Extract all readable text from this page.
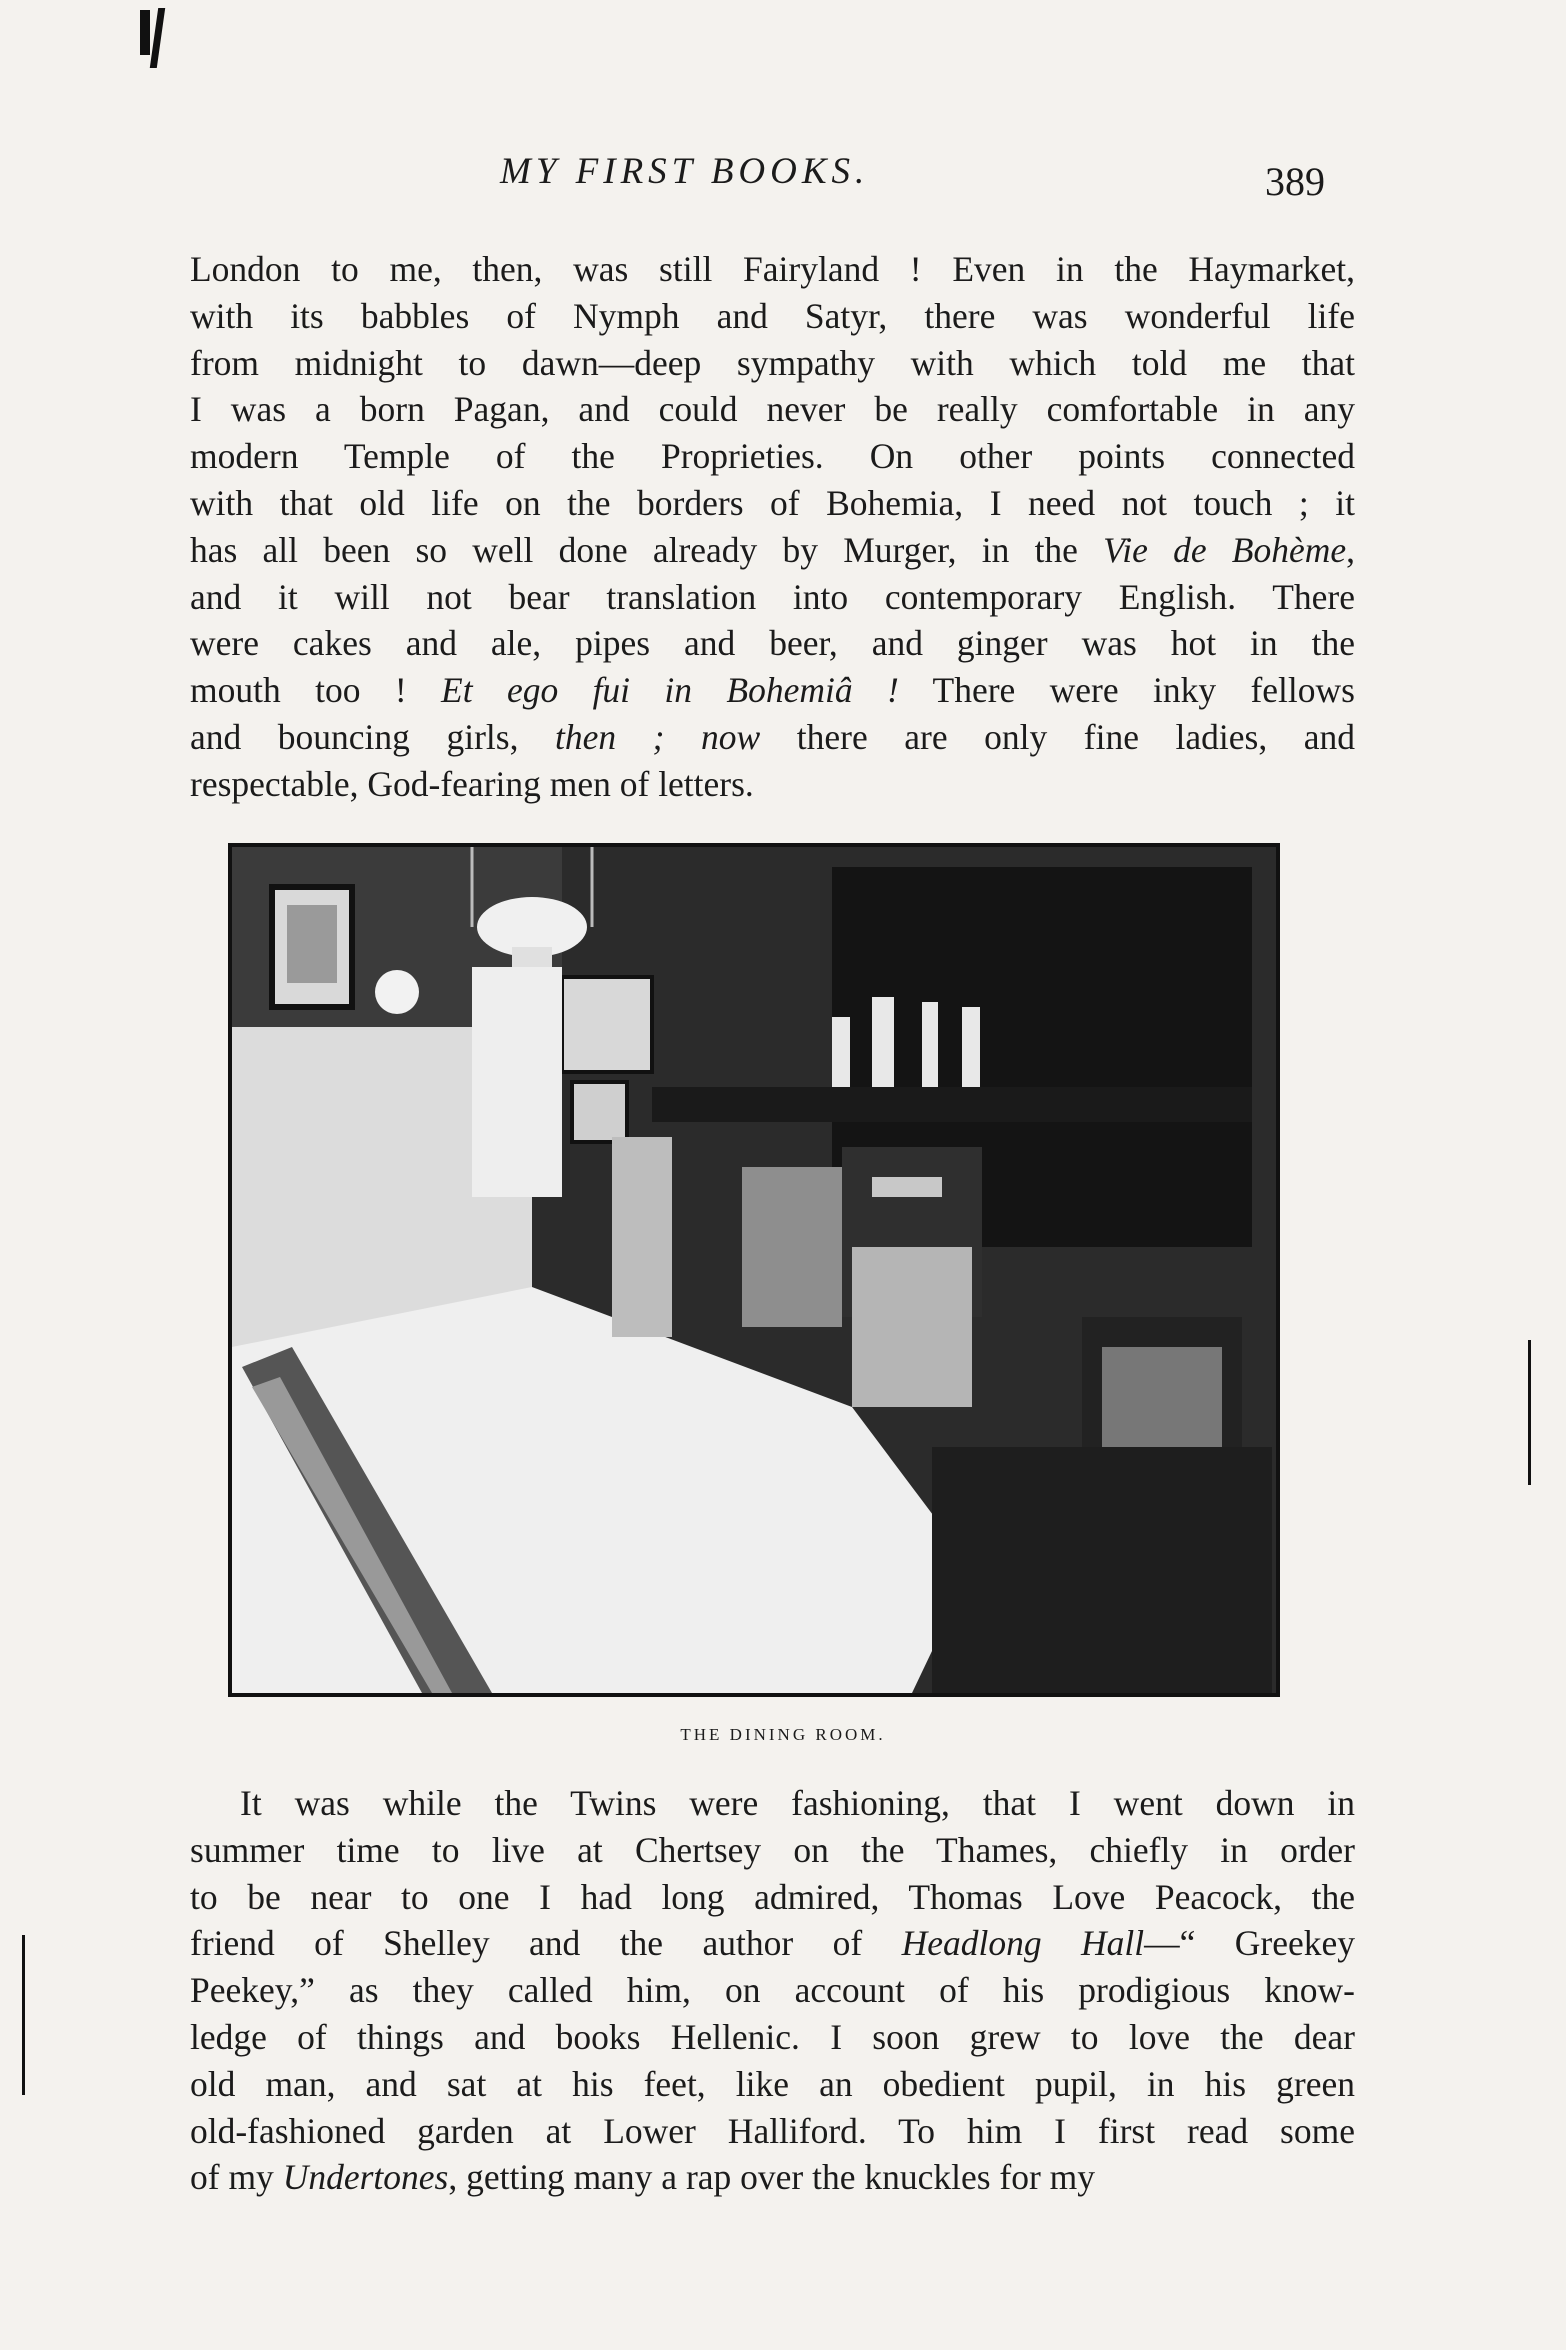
MY FIRST BOOKS.	389
London to me, then, was still Fairyland ! Even in the Haymarket,
with its babbles of Nymph and Satyr, there was wonderful life
from midnight to dawn—deep sympathy with which told me that
I was a born Pagan, and could never be really comfortable in any
modern Temple of the Proprieties. On other points connected
with that old life on the borders of Bohemia, I need not touch ; it
has all been so well done already by Murger, in the Vie de Bohème,
and it will not bear translation into contemporary English. There
were cakes and ale, pipes and beer, and ginger was hot in the
mouth too ! Et ego fui in Bohemiâ ! There were inky fellows
and bouncing girls, then ; now there are only fine ladies, and
respectable, God-fearing men of letters.
THE DINING ROOM.
It was while the Twins were fashioning, that I went down in
summer time to live at Chertsey on the Thames, chiefly in order
to be near to one I had long admired, Thomas Love Peacock, the
friend of Shelley and the author of Headlong Hall—“ Greekey
Peekey,” as they called him, on account of his prodigious know-
ledge of things and books Hellenic. I soon grew to love the dear
old man, and sat at his feet, like an obedient pupil, in his green
old-fashioned garden at Lower Halliford. To him I first read some
of my Undertones, getting many a rap over the knuckles for my
